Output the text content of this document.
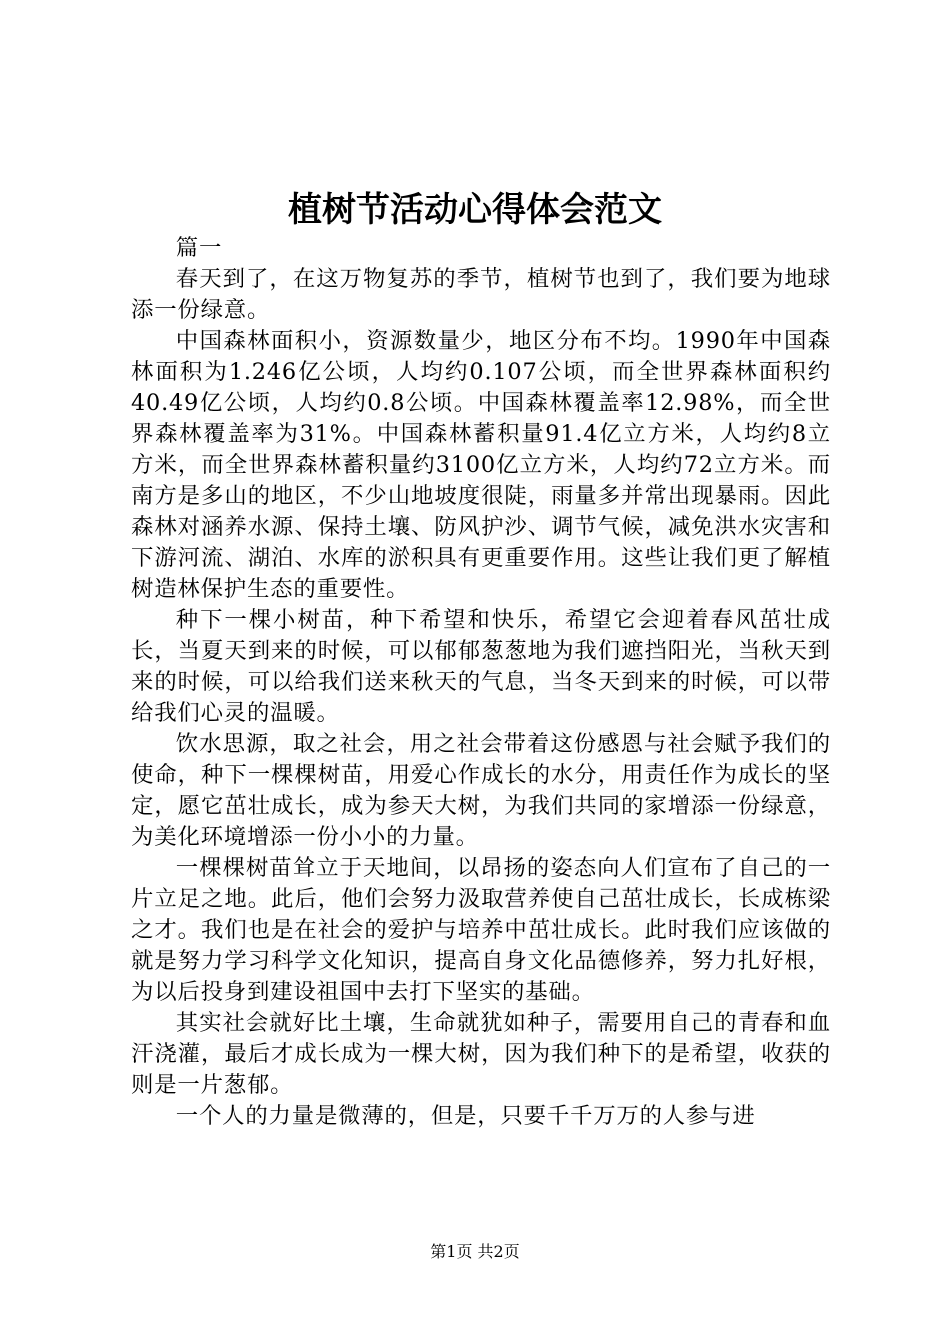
植树节活动心得体会范文

篇一

春天到了，在这万物复苏的季节，植树节也到了，我们要为地球添一份绿意。

中国森林面积小，资源数量少，地区分布不均。1990年中国森林面积为1.246亿公顷，人均约0.107公顷，而全世界森林面积约40.49亿公顷，人均约0.8公顷。中国森林覆盖率12.98%，而全世界森林覆盖率为31%。中国森林蓄积量91.4亿立方米，人均约8立方米，而全世界森林蓄积量约3100亿立方米，人均约72立方米。而南方是多山的地区，不少山地坡度很陡，雨量多并常出现暴雨。因此森林对涵养水源、保持土壤、防风护沙、调节气候，减免洪水灾害和下游河流、湖泊、水库的淤积具有更重要作用。这些让我们更了解植树造林保护生态的重要性。

种下一棵小树苗，种下希望和快乐，希望它会迎着春风茁壮成长，当夏天到来的时候，可以郁郁葱葱地为我们遮挡阳光，当秋天到来的时候，可以给我们送来秋天的气息，当冬天到来的时候，可以带给我们心灵的温暖。

饮水思源，取之社会，用之社会带着这份感恩与社会赋予我们的使命，种下一棵棵树苗，用爱心作成长的水分，用责任作为成长的坚定，愿它茁壮成长，成为参天大树，为我们共同的家增添一份绿意，为美化环境增添一份小小的力量。

一棵棵树苗耸立于天地间，以昂扬的姿态向人们宣布了自己的一片立足之地。此后，他们会努力汲取营养使自己茁壮成长，长成栋梁之才。我们也是在社会的爱护与培养中茁壮成长。此时我们应该做的就是努力学习科学文化知识，提高自身文化品德修养，努力扎好根，为以后投身到建设祖国中去打下坚实的基础。

其实社会就好比土壤，生命就犹如种子，需要用自己的青春和血汗浇灌，最后才成长成为一棵大树，因为我们种下的是希望，收获的则是一片葱郁。

一个人的力量是微薄的，但是，只要千千万万的人参与进

第1页 共2页
